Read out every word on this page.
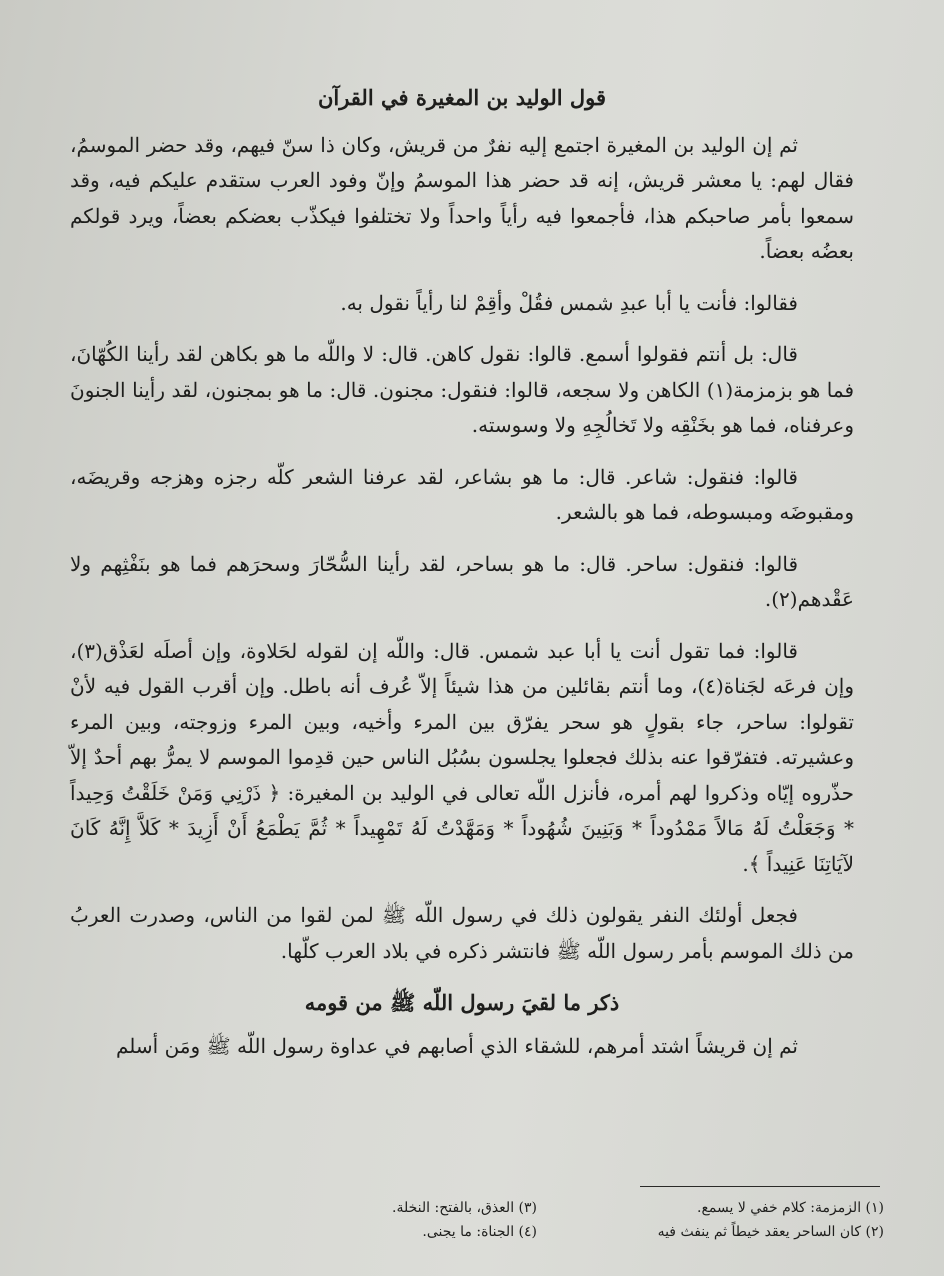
قول الوليد بن المغيرة في القرآن

ثم إن الوليد بن المغيرة اجتمع إليه نفرٌ من قريش، وكان ذا سنّ فيهم، وقد حضر الموسمُ، فقال لهم: يا معشر قريش، إنه قد حضر هذا الموسمُ وإنّ وفود العرب ستقدم عليكم فيه، وقد سمعوا بأمر صاحبكم هذا، فأجمعوا فيه رأياً واحداً ولا تختلفوا فيكذّب بعضكم بعضاً، ويرد قولكم بعضُه بعضاً.

فقالوا: فأنت يا أبا عبدِ شمس فقُلْ وأقِمْ لنا رأياً نقول به.

قال: بل أنتم فقولوا أسمع. قالوا: نقول كاهن. قال: لا واللّه ما هو بكاهن لقد رأينا الكُهّانَ، فما هو بزمزمة(١) الكاهن ولا سجعه، قالوا: فنقول: مجنون. قال: ما هو بمجنون، لقد رأينا الجنونَ وعرفناه، فما هو بخَنْقِه ولا تَخالُجِهِ ولا وسوسته.

قالوا: فنقول: شاعر. قال: ما هو بشاعر، لقد عرفنا الشعر كلّه رجزه وهزجه وقريضَه، ومقبوضَه ومبسوطه، فما هو بالشعر.

قالوا: فنقول: ساحر. قال: ما هو بساحر، لقد رأينا السُّحّارَ وسحرَهم فما هو بنَفْثِهم ولا عَقْدهم(٢).

قالوا: فما تقول أنت يا أبا عبد شمس. قال: واللّه إن لقوله لحَلاوة، وإن أصلَه لعَذْق(٣)، وإن فرعَه لجَناة(٤)، وما أنتم بقائلين من هذا شيئاً إلاّ عُرف أنه باطل. وإن أقرب القول فيه لأنْ تقولوا: ساحر، جاء بقولٍ هو سحر يفرّق بين المرء وأخيه، وبين المرء وزوجته، وبين المرء وعشيرته. فتفرّقوا عنه بذلك فجعلوا يجلسون بسُبُل الناس حين قدِموا الموسم لا يمرُّ بهم أحدٌ إلاّ حذّروه إيّاه وذكروا لهم أمره، فأنزل اللّه تعالى في الوليد بن المغيرة: ﴿ ذَرْنِي وَمَنْ خَلَقْتُ وَحِيداً * وَجَعَلْتُ لَهُ مَالاً مَمْدُوداً * وَبَنِينَ شُهُوداً * وَمَهَّدْتُ لَهُ تَمْهِيداً * ثُمَّ يَطْمَعُ أَنْ أَزِيدَ * كَلاَّ إِنَّهُ كَانَ لآيَاتِنَا عَنِيداً ﴾.

فجعل أولئك النفر يقولون ذلك في رسول اللّه ﷺ لمن لقوا من الناس، وصدرت العربُ من ذلك الموسم بأمر رسول اللّه ﷺ فانتشر ذكره في بلاد العرب كلّها.

ذكر ما لقيَ رسول اللّه ﷺ من قومه

ثم إن قريشاً اشتد أمرهم، للشقاء الذي أصابهم في عداوة رسول اللّه ﷺ ومَن أسلم

(١) الزمزمة: كلام خفي لا يسمع.
(٢) كان الساحر يعقد خيطاً ثم ينفث فيه
(٣) العذق، بالفتح: النخلة.
(٤) الجناة: ما يجنى.
